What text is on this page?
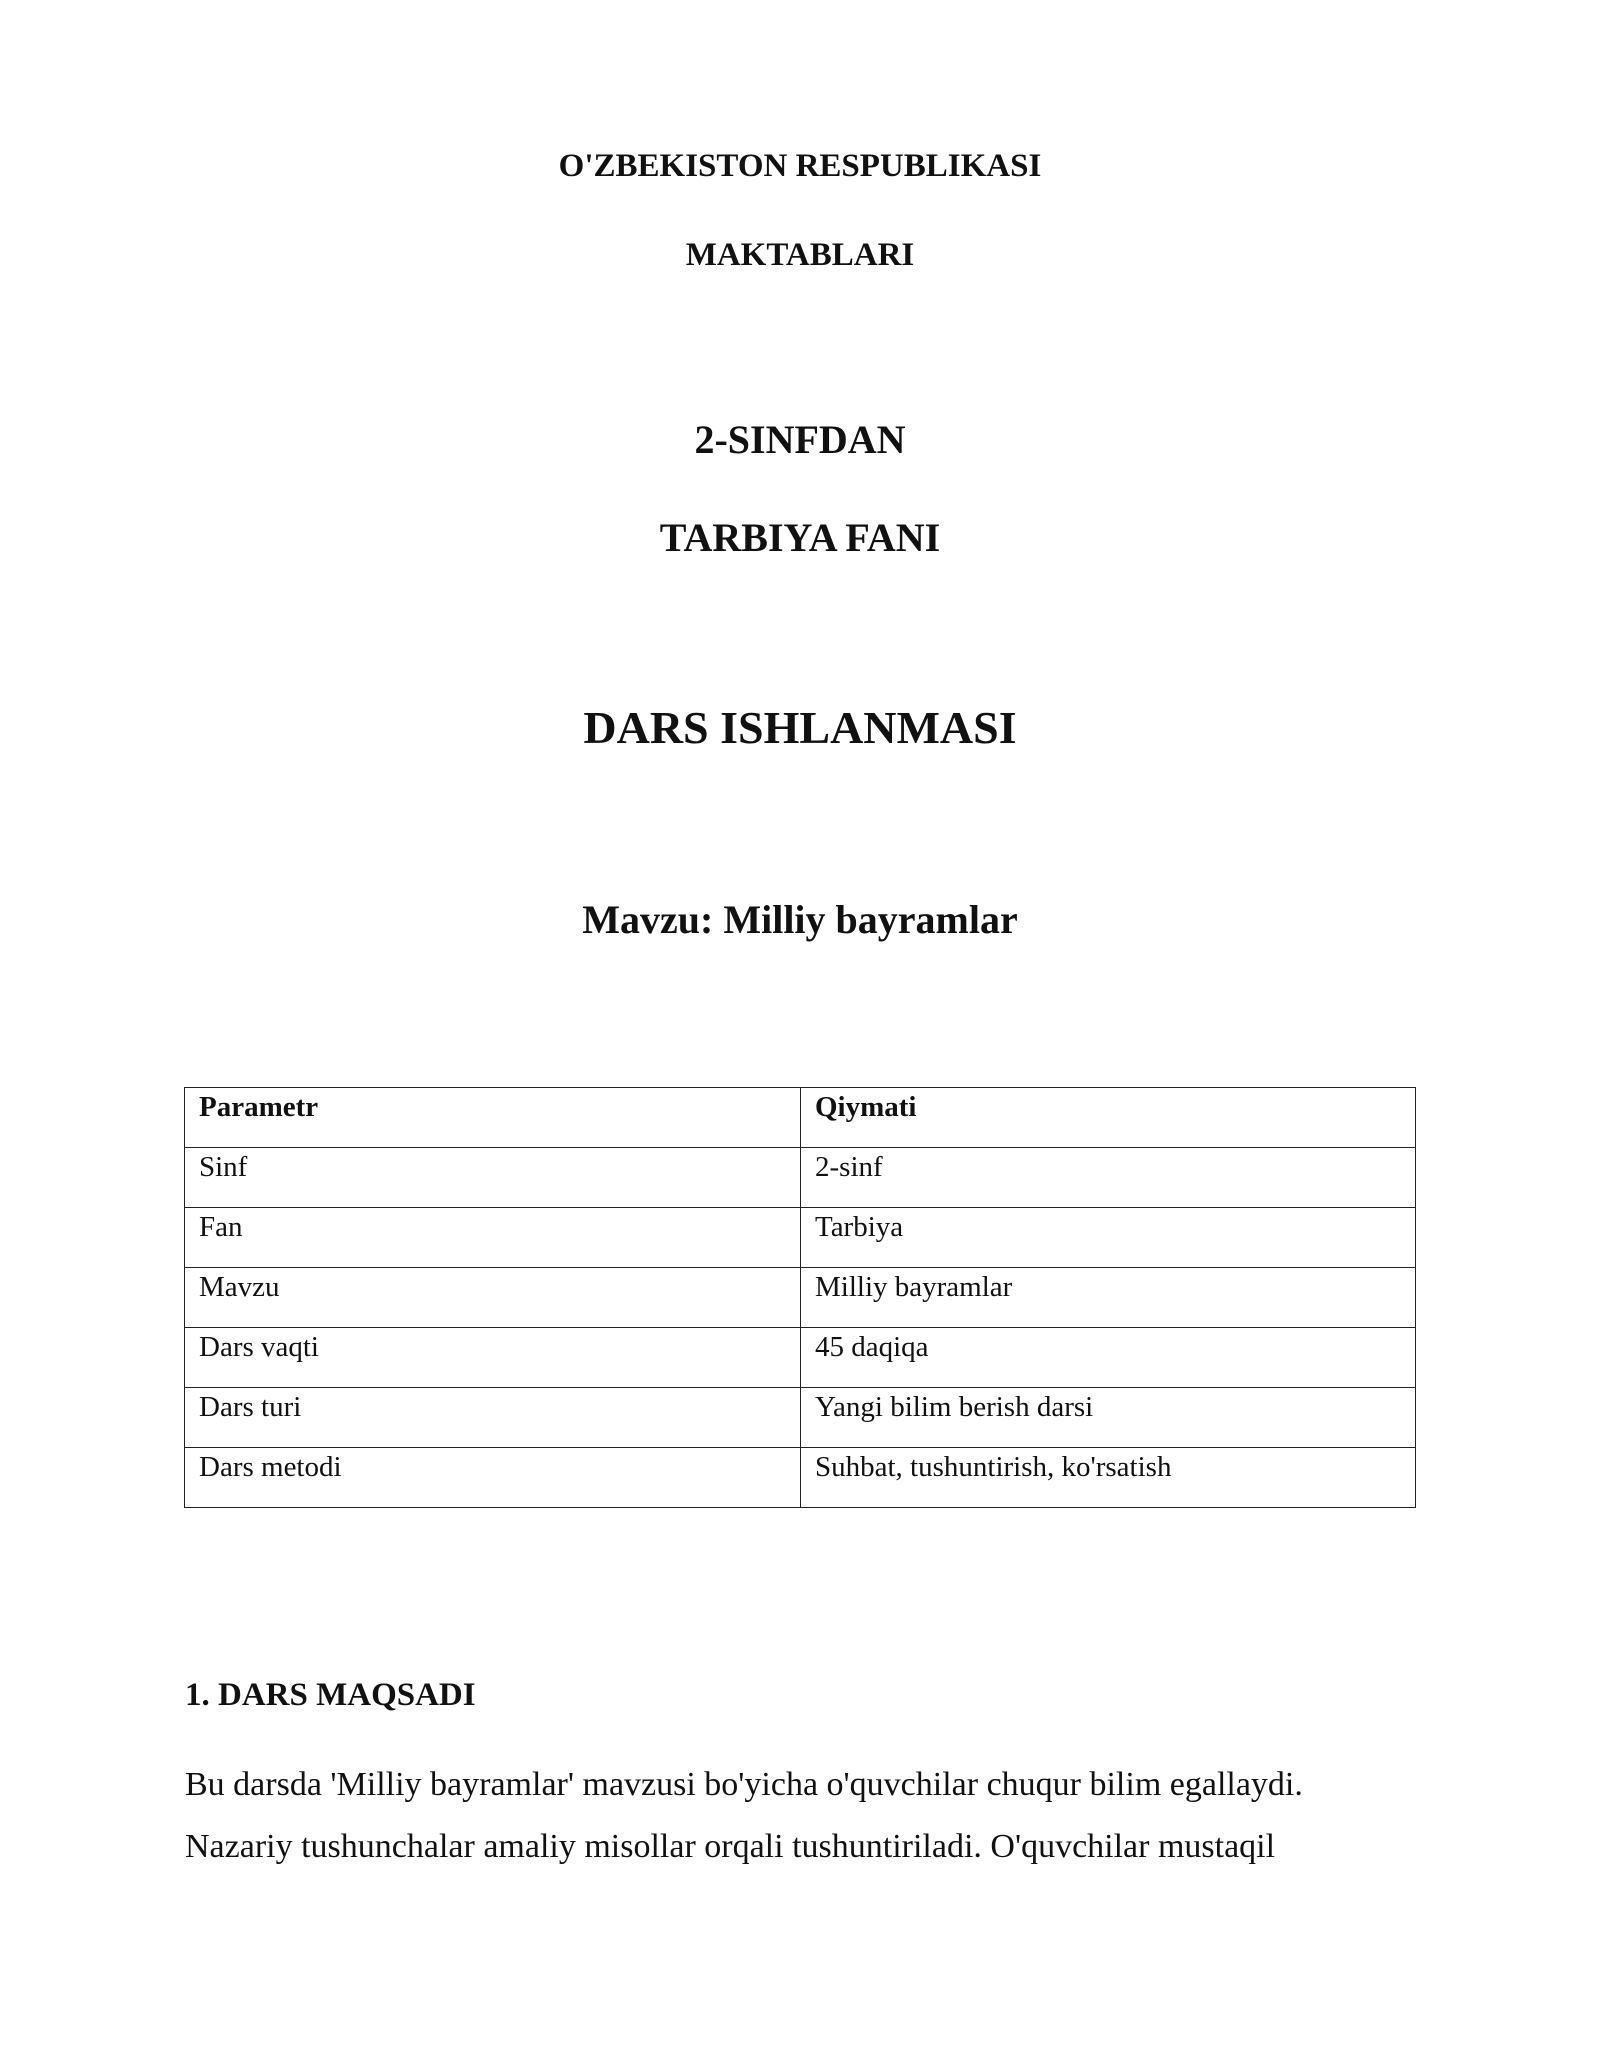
O'ZBEKISTON RESPUBLIKASI
MAKTABLARI
2-SINFDAN
TARBIYA FANI
DARS ISHLANMASI
Mavzu: Milliy bayramlar
Parametr	Qiymati
Sinf	2-sinf
Fan	Tarbiya
Mavzu	Milliy bayramlar
Dars vaqti	45 daqiqa
Dars turi	Yangi bilim berish darsi
Dars metodi	Suhbat, tushuntirish, ko'rsatish
1. DARS MAQSADI
Bu darsda 'Milliy bayramlar' mavzusi bo'yicha o'quvchilar chuqur bilim egallaydi.
Nazariy tushunchalar amaliy misollar orqali tushuntiriladi. O'quvchilar mustaqil
